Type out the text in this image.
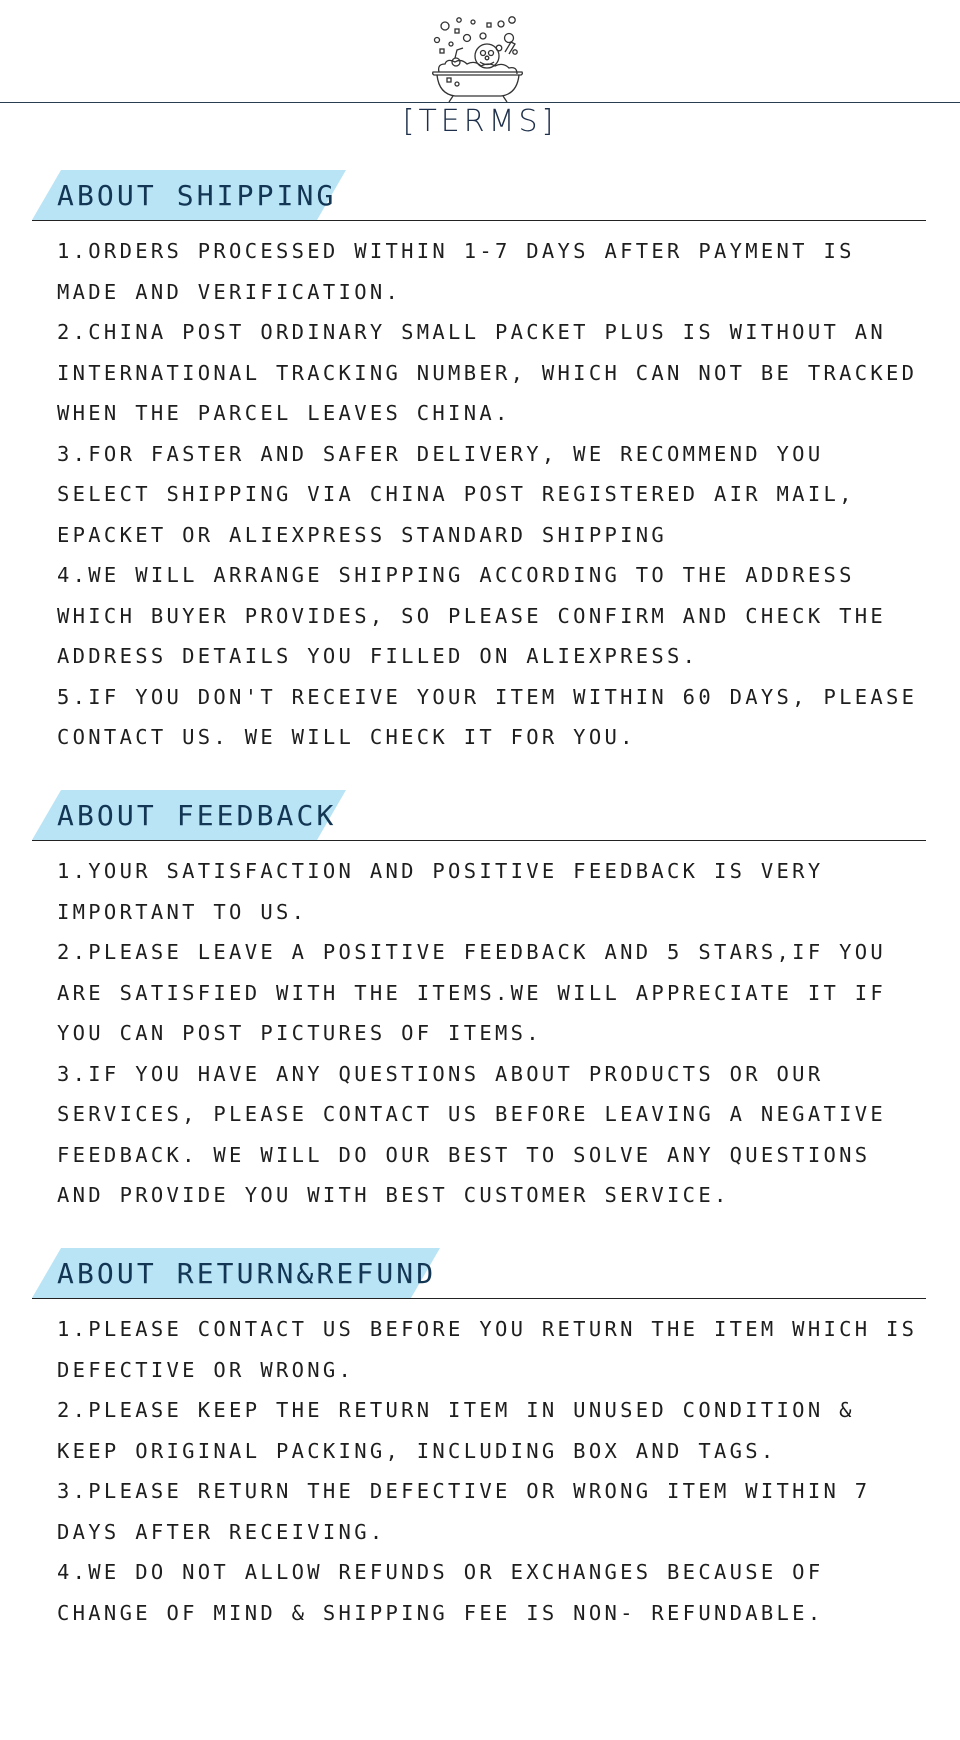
[TERMS]
ABOUT SHIPPING
1.ORDERS PROCESSED WITHIN 1-7 DAYS AFTER PAYMENT IS MADE AND VERIFICATION.
2.CHINA POST ORDINARY SMALL PACKET PLUS IS WITHOUT AN INTERNATIONAL TRACKING NUMBER, WHICH CAN NOT BE TRACKED WHEN THE PARCEL LEAVES CHINA.
3.FOR FASTER AND SAFER DELIVERY, WE RECOMMEND YOU SELECT SHIPPING VIA CHINA POST REGISTERED AIR MAIL, EPACKET OR ALIEXPRESS STANDARD SHIPPING
4.WE WILL ARRANGE SHIPPING ACCORDING TO THE ADDRESS WHICH BUYER PROVIDES, SO PLEASE CONFIRM AND CHECK THE ADDRESS DETAILS YOU FILLED ON ALIEXPRESS.
5.IF YOU DON'T RECEIVE YOUR ITEM WITHIN 60 DAYS, PLEASE CONTACT US. WE WILL CHECK IT FOR YOU.
ABOUT FEEDBACK
1.YOUR SATISFACTION AND POSITIVE FEEDBACK IS VERY IMPORTANT TO US.
2.PLEASE LEAVE A POSITIVE FEEDBACK AND 5 STARS,IF YOU ARE SATISFIED WITH THE ITEMS.WE WILL APPRECIATE IT IF YOU CAN POST PICTURES OF ITEMS.
3.IF YOU HAVE ANY QUESTIONS ABOUT PRODUCTS OR OUR SERVICES, PLEASE CONTACT US BEFORE LEAVING A NEGATIVE FEEDBACK. WE WILL DO OUR BEST TO SOLVE ANY QUESTIONS AND PROVIDE YOU WITH BEST CUSTOMER SERVICE.
ABOUT RETURN&REFUND
1.PLEASE CONTACT US BEFORE YOU RETURN THE ITEM WHICH IS DEFECTIVE OR WRONG.
2.PLEASE KEEP THE RETURN ITEM IN UNUSED CONDITION & KEEP ORIGINAL PACKING, INCLUDING BOX AND TAGS.
3.PLEASE RETURN THE DEFECTIVE OR WRONG ITEM WITHIN 7 DAYS AFTER RECEIVING.
4.WE DO NOT ALLOW REFUNDS OR EXCHANGES BECAUSE OF CHANGE OF MIND & SHIPPING FEE IS NON- REFUNDABLE.
